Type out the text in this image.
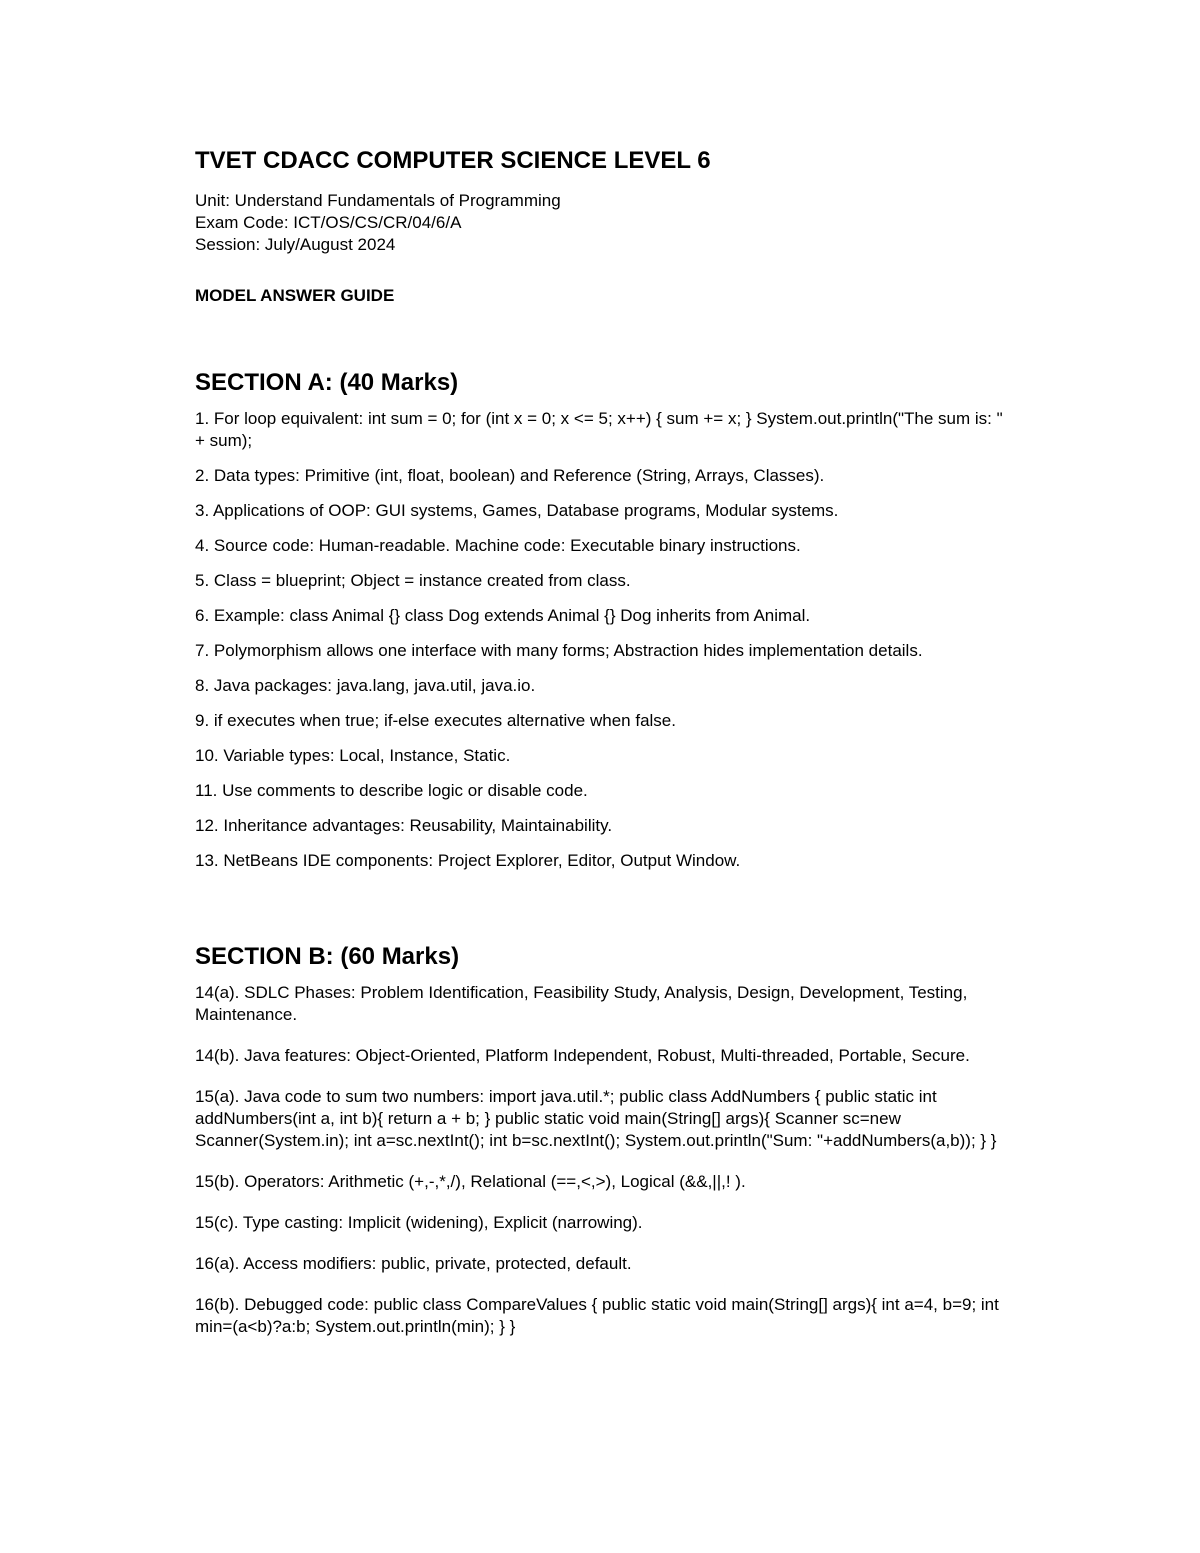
TVET CDACC COMPUTER SCIENCE LEVEL 6
Unit: Understand Fundamentals of Programming
Exam Code: ICT/OS/CS/CR/04/6/A
Session: July/August 2024
MODEL ANSWER GUIDE
SECTION A: (40 Marks)
1. For loop equivalent: int sum = 0; for (int x = 0; x <= 5; x++) { sum += x; } System.out.println("The sum is: " + sum);
2. Data types: Primitive (int, float, boolean) and Reference (String, Arrays, Classes).
3. Applications of OOP: GUI systems, Games, Database programs, Modular systems.
4. Source code: Human-readable. Machine code: Executable binary instructions.
5. Class = blueprint; Object = instance created from class.
6. Example: class Animal {} class Dog extends Animal {} Dog inherits from Animal.
7. Polymorphism allows one interface with many forms; Abstraction hides implementation details.
8. Java packages: java.lang, java.util, java.io.
9. if executes when true; if-else executes alternative when false.
10. Variable types: Local, Instance, Static.
11. Use comments to describe logic or disable code.
12. Inheritance advantages: Reusability, Maintainability.
13. NetBeans IDE components: Project Explorer, Editor, Output Window.
SECTION B: (60 Marks)
14(a). SDLC Phases: Problem Identification, Feasibility Study, Analysis, Design, Development, Testing, Maintenance.
14(b). Java features: Object-Oriented, Platform Independent, Robust, Multi-threaded, Portable, Secure.
15(a). Java code to sum two numbers: import java.util.*; public class AddNumbers { public static int addNumbers(int a, int b){ return a + b; } public static void main(String[] args){ Scanner sc=new Scanner(System.in); int a=sc.nextInt(); int b=sc.nextInt(); System.out.println("Sum: "+addNumbers(a,b)); } }
15(b). Operators: Arithmetic (+,-,*,/), Relational (==,<,>), Logical (&&,||,! ).
15(c). Type casting: Implicit (widening), Explicit (narrowing).
16(a). Access modifiers: public, private, protected, default.
16(b). Debugged code: public class CompareValues { public static void main(String[] args){ int a=4, b=9; int min=(a<b)?a:b; System.out.println(min); } }
